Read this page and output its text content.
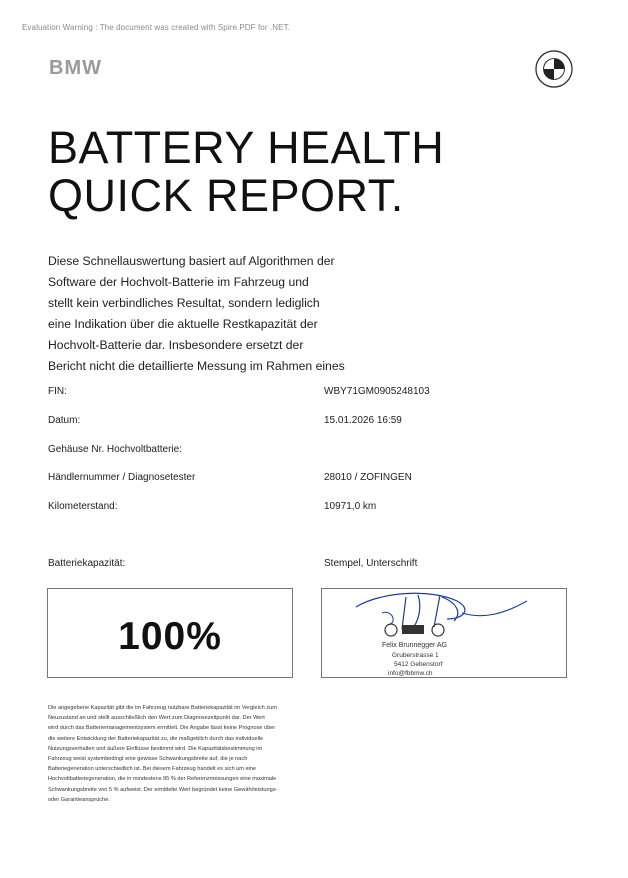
Evaluation Warning : The document was created with Spire.PDF for .NET.
BMW
BATTERY HEALTH
QUICK REPORT.
Diese Schnellauswertung basiert auf Algorithmen der
Software der Hochvolt-Batterie im Fahrzeug und
stellt kein verbindliches Resultat, sondern lediglich
eine Indikation über die aktuelle Restkapazität der
Hochvolt-Batterie dar. Insbesondere ersetzt der
Bericht nicht die detaillierte Messung im Rahmen eines
FIN:	WBY71GM0905248103
Datum:	15.01.2026 16:59
Gehäuse Nr. Hochvoltbatterie:
Händlernummer / Diagnosetester	28010 / ZOFINGEN
Kilometerstand:	10971,0 km
Batteriekapazität:	Stempel, Unterschrift
100%	Felix Brunnegger AG
Gruberstrasse 1
5412 Gebenstorf
info@fbbmw.ch
Die angegebene Kapazität gibt die im Fahrzeug nutzbare Batteriekapazität im Vergleich zum
Neuzustand an und stellt ausschließlich den Wert zum Diagnosezeitpunkt dar. Der Wert
wird durch das Batteriemanagementsystem ermittelt. Die Angabe lässt keine Prognose über
die weitere Entwicklung der Batteriekapazität zu, die maßgeblich durch das individuelle
Nutzungsverhalten und äußere Einflüsse bestimmt wird. Die Kapazitätsbestimmung im
Fahrzeug weist systembedingt eine gewisse Schwankungsbreite auf, die je nach
Batteriegeneration unterschiedlich ist. Bei diesem Fahrzeug handelt es sich um eine
Hochvoltbatteriegeneration, die in mindestens 95 % der Referenzmessungen eine maximale
Schwankungsbreite von 5 % aufweist. Der ermittelte Wert begründet keine Gewährleistungs-
oder Garantieansprüche.
